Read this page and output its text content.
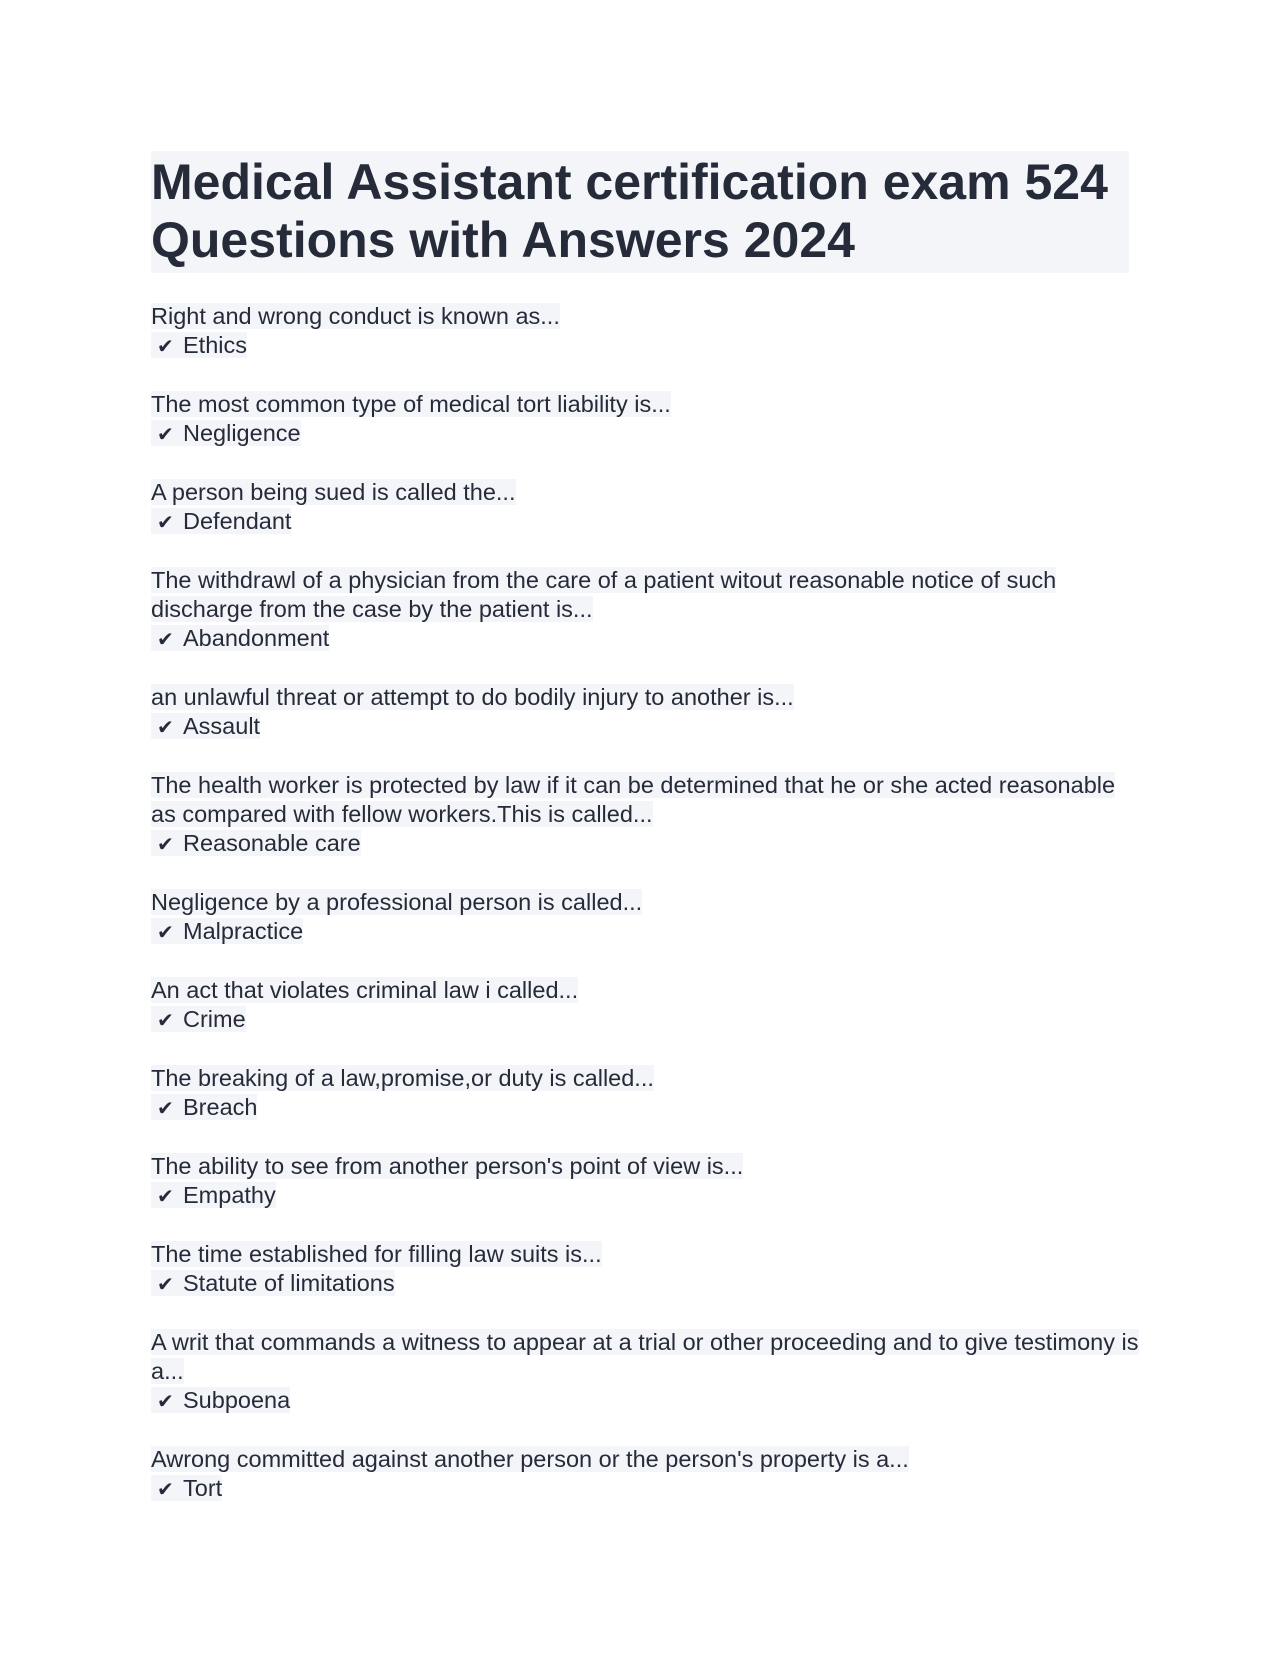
Medical Assistant certification exam 524 Questions with Answers 2024

Right and wrong conduct is known as...

✔ Ethics

The most common type of medical tort liability is...

✔ Negligence

A person being sued is called the...

✔ Defendant

The withdrawl of a physician from the care of a patient witout reasonable notice of such discharge from the case by the patient is...

✔ Abandonment

an unlawful threat or attempt to do bodily injury to another is...

✔ Assault

The health worker is protected by law if it can be determined that he or she acted reasonable as compared with fellow workers.This is called...

✔ Reasonable care

Negligence by a professional person is called...

✔ Malpractice

An act that violates criminal law i called...

✔ Crime

The breaking of a law,promise,or duty is called...

✔ Breach

The ability to see from another person's point of view is...

✔ Empathy

The time established for filling law suits is...

✔ Statute of limitations

A writ that commands a witness to appear at a trial or other proceeding and to give testimony is a...

✔ Subpoena

Awrong committed against another person or the person's property is a...

✔ Tort
